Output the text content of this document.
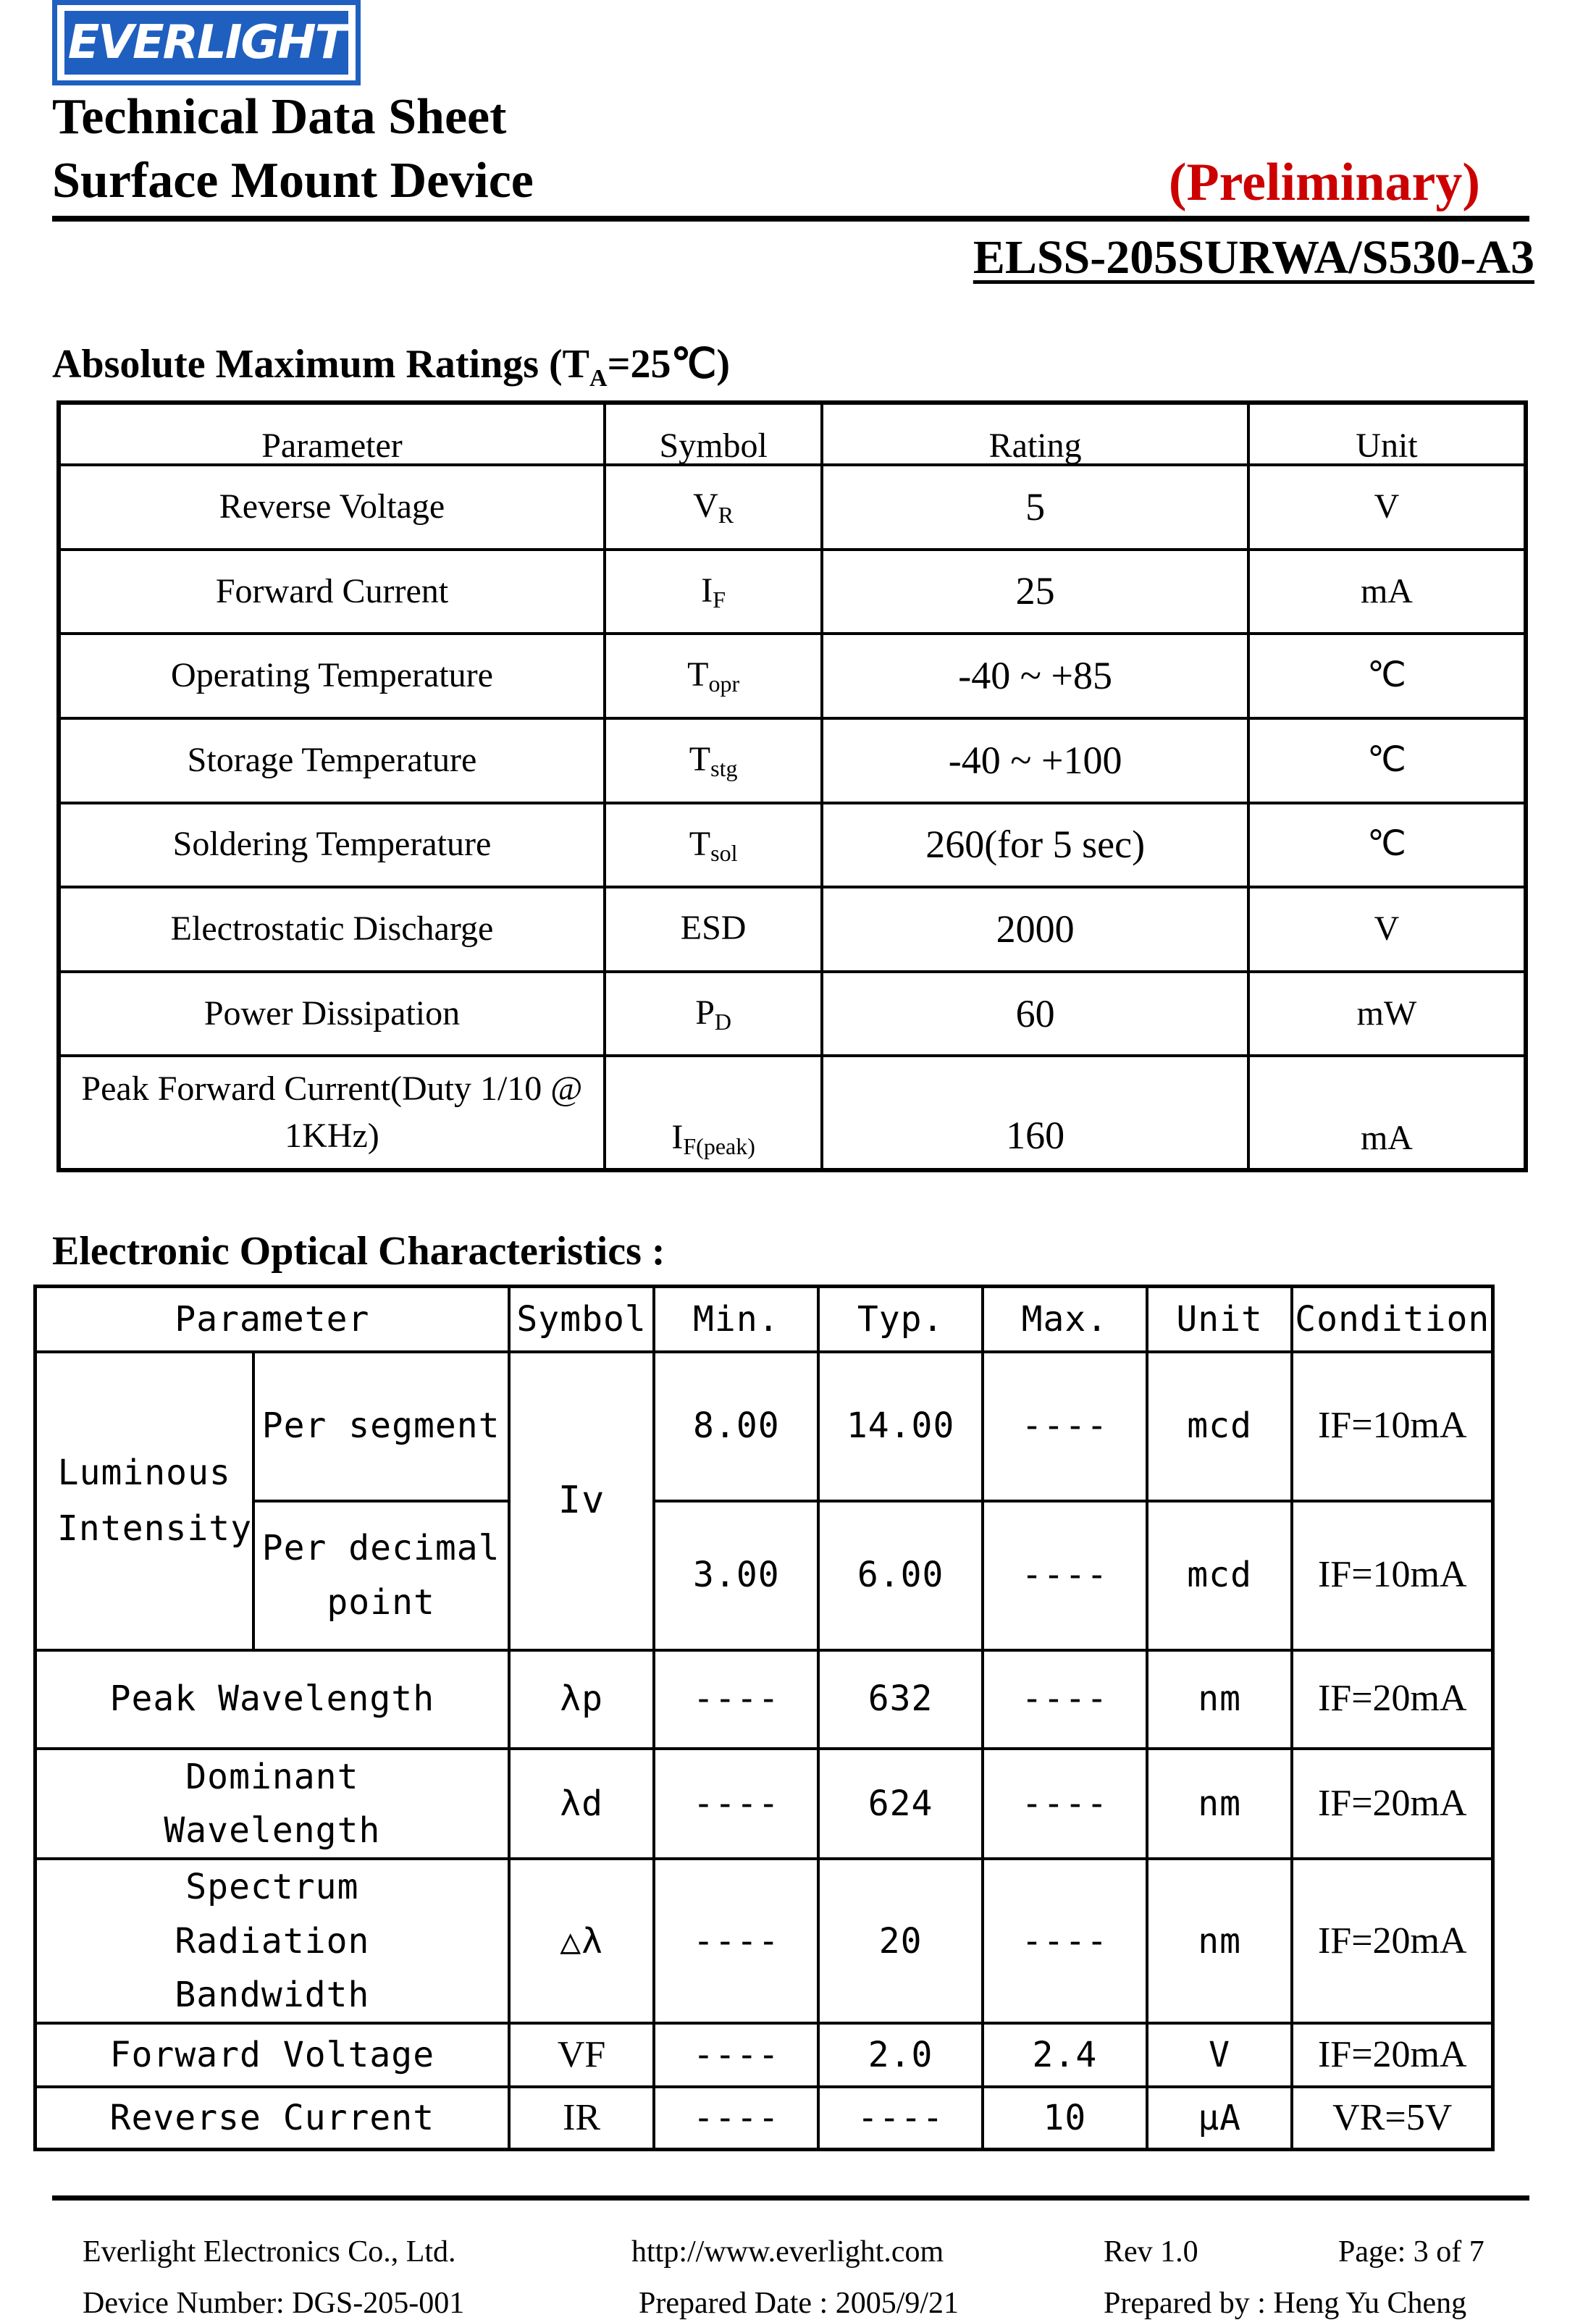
EVERLIGHT
Technical Data Sheet
Surface Mount Device	(Preliminary)
ELSS-205SURWA/S530-A3
Absolute Maximum Ratings $(T_A=25℃)$
Parameter	Symbol	Rating	Unit
Reverse Voltage	$V_R$	5	V
Forward Current	$I_F$	25	mA
Operating Temperature	$T_{opr}$	-40 ~ +85	℃
Storage Temperature	$T_{stg}$	-40 ~ +100	℃
Soldering Temperature	$T_{sol}$	260(for 5 sec)	℃
Electrostatic Discharge	ESD	2000	V
Power Dissipation	$P_D$	60	mW
Peak Forward Current(Duty 1/10 @ 1KHz)	$I_{F(peak)}$	160	mA
Electronic Optical Characteristics :
Parameter		Symbol	Min.	Typ.	Max.	Unit	Condition
Luminous Intensity	Per segment	Iv	8.00	14.00	----	mcd	IF=10mA
	Per decimal point		3.00	6.00	----	mcd	IF=10mA
Peak Wavelength		λp	----	632	----	nm	IF=20mA
Dominant Wavelength		λd	----	624	----	nm	IF=20mA
Spectrum Radiation Bandwidth		△λ	----	20	----	nm	IF=20mA
Forward Voltage		VF	----	2.0	2.4	V	IF=20mA
Reverse Current		IR	----	----	10	μA	VR=5V
Everlight Electronics Co., Ltd.	http://www.everlight.com	Rev 1.0	Page: 3 of 7
Device Number: DGS-205-001	Prepared Date : 2005/9/21	Prepared by : Heng Yu Cheng
